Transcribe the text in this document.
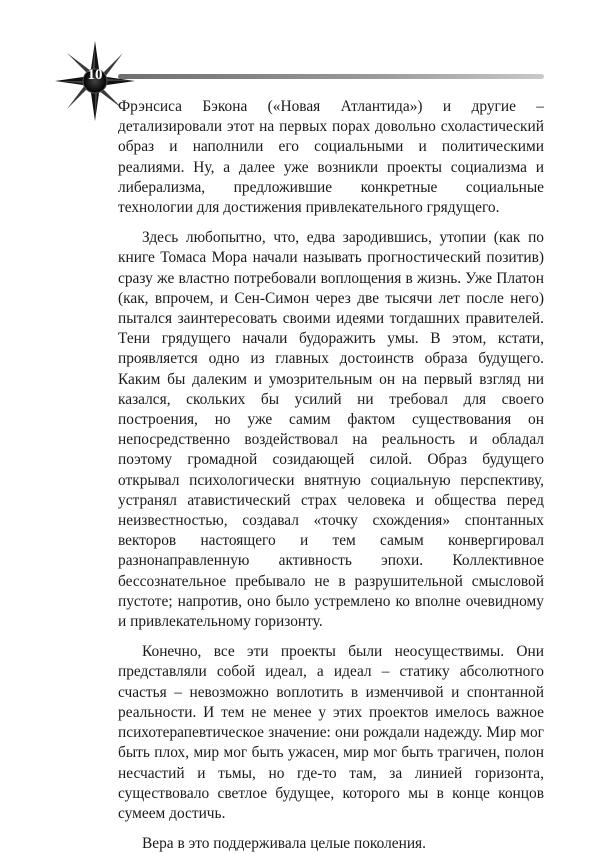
10

Фрэнсиса Бэкона («Новая Атлантида») и другие – детализировали этот на первых порах довольно схоластический образ и наполнили его социальными и политическими реалиями. Ну, а далее уже возникли проекты социализма и либерализма, предложившие конкретные социальные технологии для достижения привлекательного грядущего.

Здесь любопытно, что, едва зародившись, утопии (как по книге Томаса Мора начали называть прогностический позитив) сразу же властно потребовали воплощения в жизнь. Уже Платон (как, впрочем, и Сен-Симон через две тысячи лет после него) пытался заинтересовать своими идеями тогдашних правителей. Тени грядущего начали будоражить умы. В этом, кстати, проявляется одно из главных достоинств образа будущего. Каким бы далеким и умозрительным он на первый взгляд ни казался, скольких бы усилий ни требовал для своего построения, но уже самим фактом существования он непосредственно воздействовал на реальность и обладал поэтому громадной созидающей силой. Образ будущего открывал психологически внятную социальную перспективу, устранял атавистический страх человека и общества перед неизвестностью, создавал «точку схождения» спонтанных векторов настоящего и тем самым конвергировал разнонаправленную активность эпохи. Коллективное бессознательное пребывало не в разрушительной смысловой пустоте; напротив, оно было устремлено ко вполне очевидному и привлекательному горизонту.

Конечно, все эти проекты были неосуществимы. Они представляли собой идеал, а идеал – статику абсолютного счастья – невозможно воплотить в изменчивой и спонтанной реальности. И тем не менее у этих проектов имелось важное психотерапевтическое значение: они рождали надежду. Мир мог быть плох, мир мог быть ужасен, мир мог быть трагичен, полон несчастий и тьмы, но где-то там, за линией горизонта, существовало светлое будущее, которого мы в конце концов сумеем достичь.

Вера в это поддерживала целые поколения.
